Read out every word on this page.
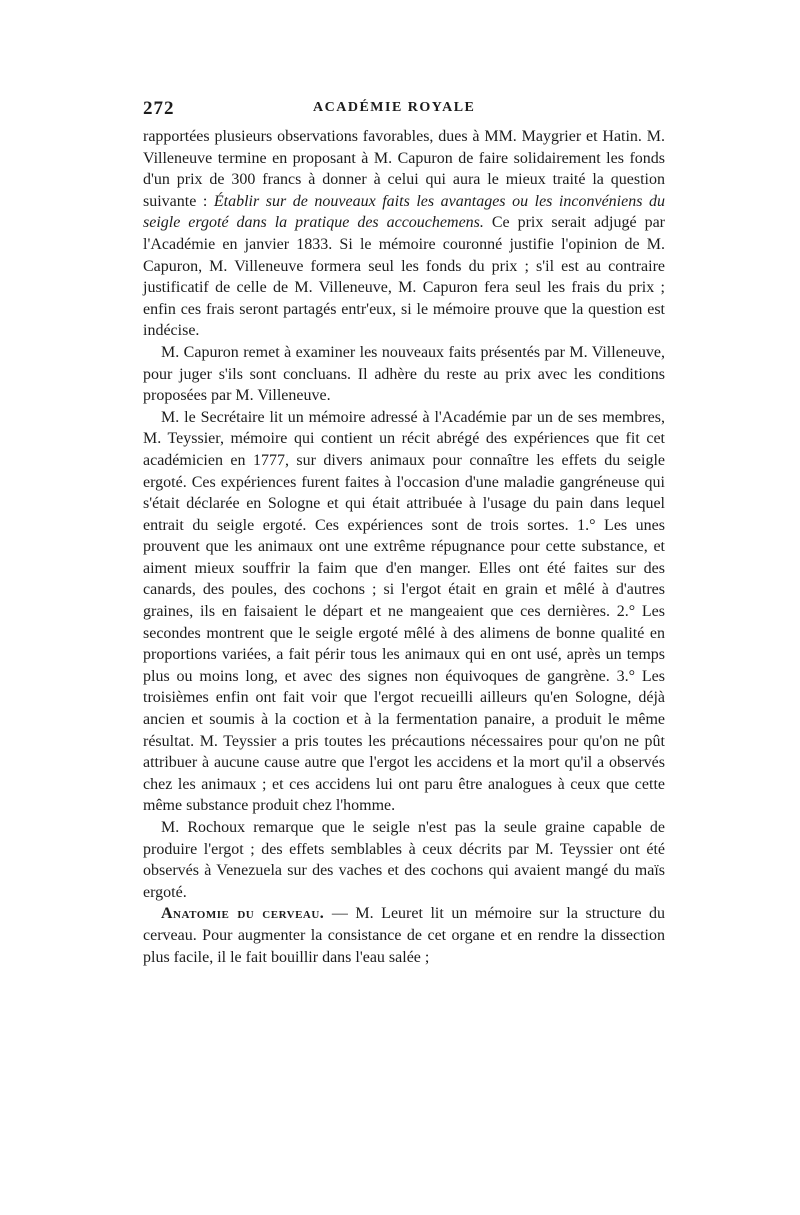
272	ACADÉMIE ROYALE

rapportées plusieurs observations favorables, dues à MM. Maygrier et Hatin. M. Villeneuve termine en proposant à M. Capuron de faire solidairement les fonds d'un prix de 300 francs à donner à celui qui aura le mieux traité la question suivante : Établir sur de nouveaux faits les avantages ou les inconvéniens du seigle ergoté dans la pratique des accouchemens. Ce prix serait adjugé par l'Académie en janvier 1833. Si le mémoire couronné justifie l'opinion de M. Capuron, M. Villeneuve formera seul les fonds du prix ; s'il est au contraire justificatif de celle de M. Villeneuve, M. Capuron fera seul les frais du prix ; enfin ces frais seront partagés entr'eux, si le mémoire prouve que la question est indécise.

M. Capuron remet à examiner les nouveaux faits présentés par M. Villeneuve, pour juger s'ils sont concluans. Il adhère du reste au prix avec les conditions proposées par M. Villeneuve.

M. le Secrétaire lit un mémoire adressé à l'Académie par un de ses membres, M. Teyssier, mémoire qui contient un récit abrégé des expériences que fit cet académicien en 1777, sur divers animaux pour connaître les effets du seigle ergoté. Ces expériences furent faites à l'occasion d'une maladie gangréneuse qui s'était déclarée en Sologne et qui était attribuée à l'usage du pain dans lequel entrait du seigle ergoté. Ces expériences sont de trois sortes. 1.° Les unes prouvent que les animaux ont une extrême répugnance pour cette substance, et aiment mieux souffrir la faim que d'en manger. Elles ont été faites sur des canards, des poules, des cochons ; si l'ergot était en grain et mêlé à d'autres graines, ils en faisaient le départ et ne mangeaient que ces dernières. 2.° Les secondes montrent que le seigle ergoté mêlé à des alimens de bonne qualité en proportions variées, a fait périr tous les animaux qui en ont usé, après un temps plus ou moins long, et avec des signes non équivoques de gangrène. 3.° Les troisièmes enfin ont fait voir que l'ergot recueilli ailleurs qu'en Sologne, déjà ancien et soumis à la coction et à la fermentation panaire, a produit le même résultat. M. Teyssier a pris toutes les précautions nécessaires pour qu'on ne pût attribuer à aucune cause autre que l'ergot les accidens et la mort qu'il a observés chez les animaux ; et ces accidens lui ont paru être analogues à ceux que cette même substance produit chez l'homme.

M. Rochoux remarque que le seigle n'est pas la seule graine capable de produire l'ergot ; des effets semblables à ceux décrits par M. Teyssier ont été observés à Venezuela sur des vaches et des cochons qui avaient mangé du maïs ergoté.

Anatomie du cerveau. — M. Leuret lit un mémoire sur la structure du cerveau. Pour augmenter la consistance de cet organe et en rendre la dissection plus facile, il le fait bouillir dans l'eau salée ;
